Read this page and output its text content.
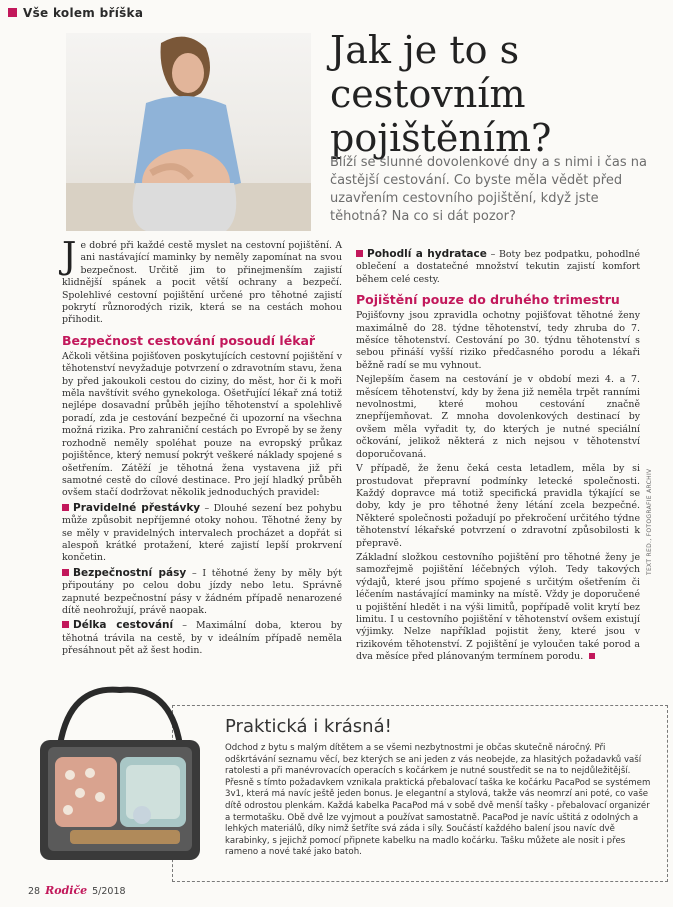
Vše kolem bříška
Jak je to s cestovním pojištěním?
Blíží se slunné dovolenkové dny a s nimi i čas na častější cestování. Co byste měla vědět před uzavřením cestovního pojištění, když jste těhotná? Na co si dát pozor?

Je dobré při každé cestě myslet na cestovní pojištění. A ani nastávající maminky by neměly zapomínat na svou bezpečnost. Určitě jim to přinejmenším zajistí klidnější spánek a pocit větší ochrany a bezpečí. Spolehlivé cestovní pojištění určené pro těhotné zajistí pokrytí různorodých rizik, která se na cestách mohou přihodit.

Bezpečnost cestování posoudí lékař

Ačkoli většina pojišťoven poskytujících cestovní pojištění v těhotenství nevyžaduje potvrzení o zdravotním stavu, žena by před jakoukoli cestou do ciziny, do měst, hor či k moři měla navštívit svého gynekologa. Ošetřující lékař zná totiž nejlépe dosavadní průběh jejího těhotenství a spolehlivě poradí, zda je cestování bezpečné či upozorní na všechna možná rizika. Pro zahraniční cestách po Evropě by se ženy rozhodně neměly spoléhat pouze na evropský průkaz pojištěnce, který nemusí pokrýt veškeré náklady spojené s ošetřením. Zátěží je těhotná žena vystavena již při samotné cestě do cílové destinace. Pro její hladký průběh ovšem stačí dodržovat několik jednoduchých pravidel:

Pravidelné přestávky – Dlouhé sezení bez pohybu může způsobit nepříjemné otoky nohou. Těhotné ženy by se měly v pravidelných intervalech procházet a dopřát si alespoň krátké protažení, které zajistí lepší prokrvení končetin.

Bezpečnostní pásy – I těhotné ženy by měly být připoutány po celou dobu jízdy nebo letu. Správně zapnuté bezpečnostní pásy v žádném případě nenarozené dítě neohrožují, právě naopak.

Délka cestování – Maximální doba, kterou by těhotná trávila na cestě, by v ideálním případě neměla přesáhnout pět až šest hodin.

Pohodlí a hydratace – Boty bez podpatku, pohodlné oblečení a dostatečné množství tekutin zajistí komfort během celé cesty.

Pojištění pouze do druhého trimestru

Pojišťovny jsou zpravidla ochotny pojišťovat těhotné ženy maximálně do 28. týdne těhotenství, tedy zhruba do 7. měsíce těhotenství. Cestování po 30. týdnu těhotenství s sebou přináší vyšší riziko předčasného porodu a lékaři běžně radí se mu vyhnout.

Nejlepším časem na cestování je v období mezi 4. a 7. měsícem těhotenství, kdy by žena již neměla trpět ranními nevolnostmi, které mohou cestování značně znepříjemňovat. Z mnoha dovolenkových destinací by ovšem měla vyřadit ty, do kterých je nutné speciální očkování, jelikož některá z nich nejsou v těhotenství doporučovaná.

V případě, že ženu čeká cesta letadlem, měla by si prostudovat přepravní podmínky letecké společnosti. Každý dopravce má totiž specifická pravidla týkající se doby, kdy je pro těhotné ženy létání zcela bezpečné. Některé společnosti požadují po překročení určitého týdne těhotenství lékařské potvrzení o zdravotní způsobilosti k přepravě.

Základní složkou cestovního pojištění pro těhotné ženy je samozřejmě pojištění léčebných výloh. Tedy takových výdajů, které jsou přímo spojené s určitým ošetřením či léčením nastávající maminky na místě. Vždy je doporučené u pojištění hledět i na výši limitů, popřípadě volit krytí bez limitu. I u cestovního pojištění v těhotenství ovšem existují výjimky. Nelze například pojistit ženy, které jsou v rizikovém těhotenství. Z pojištění je vyloučen také porod a dva měsíce před plánovaným termínem porodu.

TEXT RED., FOTOGRAFIE ARCHIV
Praktická i krásná!
Odchod z bytu s malým dítětem a se všemi nezbytnostmi je občas skutečně náročný. Při odškrtávání seznamu věcí, bez kterých se ani jeden z vás neobejde, za hlasitých požadavků vaší ratolesti a při manévrovacích operacích s kočárkem je nutné soustředit se na to nejdůležitější. Přesně s tímto požadavkem vznikala praktická přebalovací taška ke kočárku PacaPod se systémem 3v1, která má navíc ještě jeden bonus. Je elegantní a stylová, takže vás neomrzí ani poté, co vaše dítě odrostou plenkám. Každá kabelka PacaPod má v sobě dvě menší tašky - přebalovací organizér a termotašku. Obě dvě lze vyjmout a používat samostatně. PacaPod je navíc uštitá z odolných a lehkých materiálů, díky nimž šetříte svá záda i síly. Součástí každého balení jsou navíc dvě karabinky, s jejichž pomocí připnete kabelku na madlo kočárku. Tašku můžete ale nosit i přes rameno a nové také jako batoh.
28 Rodiče 5/2018
